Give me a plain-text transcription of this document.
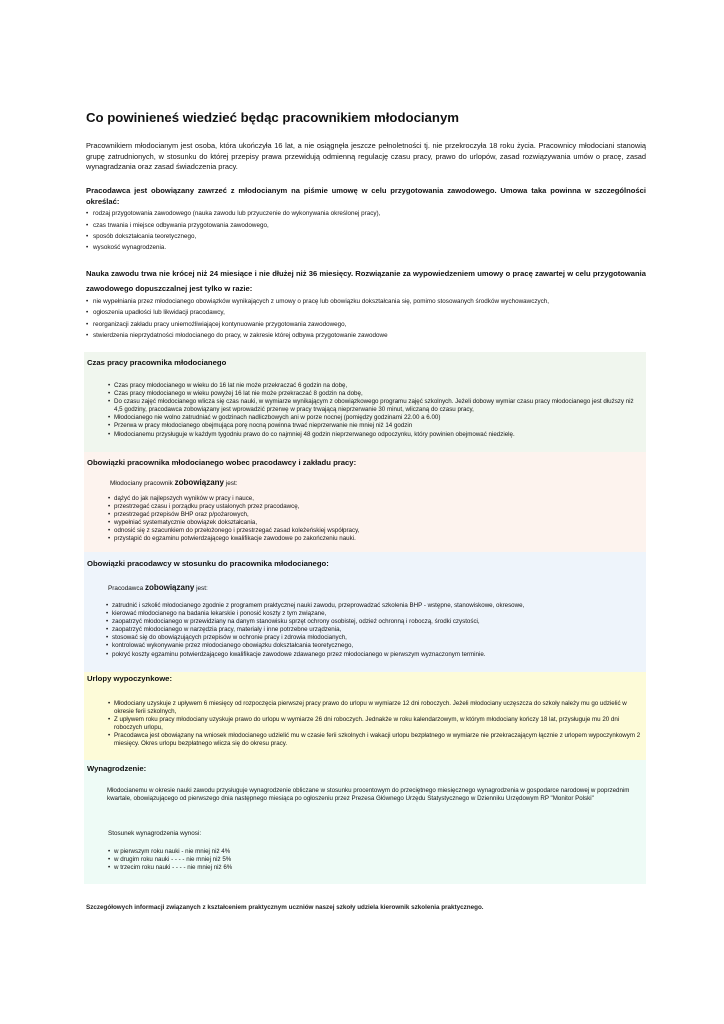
Co powinieneś wiedzieć będąc pracownikiem młodocianym

Pracownikiem młodocianym jest osoba, która ukończyła 16 lat, a nie osiągnęła jeszcze pełnoletności tj. nie przekroczyła 18 roku życia. Pracownicy młodociani stanowią grupę zatrudnionych, w stosunku do której przepisy prawa przewidują odmienną regulację czasu pracy, prawo do urlopów, zasad rozwiązywania umów o pracę, zasad wynagradzania oraz zasad świadczenia pracy.

Pracodawca jest obowiązany zawrzeć z młodocianym na piśmie umowę w celu przygotowania zawodowego. Umowa taka powinna w szczególności określać:

• rodzaj przygotowania zawodowego (nauka zawodu lub przyuczenie do wykonywania określonej pracy),
• czas trwania i miejsce odbywania przygotowania zawodowego,
• sposób dokształcania teoretycznego,
• wysokość wynagrodzenia.

Nauka zawodu trwa nie krócej niż 24 miesiące i nie dłużej niż 36 miesięcy. Rozwiązanie za wypowiedzeniem umowy o pracę zawartej w celu przygotowania zawodowego dopuszczalnej jest tylko w razie:

• nie wypełniania przez młodocianego obowiązków wynikających z umowy o pracę lub obowiązku dokształcania się, pomimo stosowanych środków wychowawczych,
• ogłoszenia upadłości lub likwidacji pracodawcy,
• reorganizacji zakładu pracy uniemożliwiającej kontynuowanie przygotowania zawodowego,
• stwierdzenia nieprzydatności młodocianego do pracy, w zakresie której odbywa przygotowanie zawodowe
Czas pracy pracownika młodocianego
• Czas pracy młodocianego w wieku do 16 lat nie może przekraczać 6 godzin na dobę,
• Czas pracy młodocianego w wieku powyżej 16 lat nie może przekraczać 8 godzin na dobę,
• Do czasu zajęć młodocianego wlicza się czas nauki, w wymiarze wynikającym z obowiązkowego programu zajęć szkolnych. Jeżeli dobowy wymiar czasu pracy młodocianego jest dłuższy niż 4,5 godziny, pracodawca zobowiązany jest wprowadzić przerwę w pracy trwającą nieprzerwanie 30 minut, wliczaną do czasu pracy,
• Młodocianego nie wolno zatrudniać w godzinach nadliczbowych ani w porze nocnej (pomiędzy godzinami 22.00 a 6.00)
• Przerwa w pracy młodocianego obejmująca porę nocną powinna trwać nieprzerwanie nie mniej niż 14 godzin
• Młodocianemu przysługuje w każdym tygodniu prawo do co najmniej 48 godzin nieprzerwanego odpoczynku, który powinien obejmować niedzielę.
Obowiązki pracownika młodocianego wobec pracodawcy i zakładu pracy:
Młodociany pracownik zobowiązany jest:
• dążyć do jak najlepszych wyników w pracy i nauce,
• przestrzegać czasu i porządku pracy ustalonych przez pracodawcę,
• przestrzegać przepisów BHP oraz p/pożarowych,
• wypełniać systematycznie obowiązek dokształcania,
• odnosić się z szacunkiem do przełożonego i przestrzegać zasad koleżeńskiej współpracy,
• przystąpić do egzaminu potwierdzającego kwalifikacje zawodowe po zakończeniu nauki.
Obowiązki pracodawcy w stosunku do pracownika młodocianego:
Pracodawca zobowiązany jest:
• zatrudnić i szkolić młodocianego zgodnie z programem praktycznej nauki zawodu, przeprowadzać szkolenia BHP - wstępne, stanowiskowe, okresowe,
• kierować młodocianego na badania lekarskie i ponosić koszty z tym związane,
• zaopatrzyć młodocianego w przewidziany na danym stanowisku sprzęt ochrony osobistej, odzież ochronną i roboczą, środki czystości,
• zaopatrzyć młodocianego w narzędzia pracy, materiały i inne potrzebne urządzenia,
• stosować się do obowiązujących przepisów w ochronie pracy i zdrowia młodocianych,
• kontrolować wykonywanie przez młodocianego obowiązku dokształcania teoretycznego,
• pokryć koszty egzaminu potwierdzającego kwalifikacje zawodowe zdawanego przez młodocianego w pierwszym wyznaczonym terminie.
Urlopy wypoczynkowe:
• Młodociany uzyskuje z upływem 6 miesięcy od rozpoczęcia pierwszej pracy prawo do urlopu w wymiarze 12 dni roboczych. Jeżeli młodociany uczęszcza do szkoły należy mu go udzielić w okresie ferii szkolnych,
• Z upływem roku pracy młodociany uzyskuje prawo do urlopu w wymiarze 26 dni roboczych. Jednakże w roku kalendarzowym, w którym młodociany kończy 18 lat, przysługuje mu 20 dni roboczych urlopu,
• Pracodawca jest obowiązany na wniosek młodocianego udzielić mu w czasie ferii szkolnych i wakacji urlopu bezpłatnego w wymiarze nie przekraczającym łącznie z urlopem wypoczynkowym 2 miesięcy. Okres urlopu bezpłatnego wlicza się do okresu pracy.
Wynagrodzenie:

Młodocianemu w okresie nauki zawodu przysługuje wynagrodzenie obliczane w stosunku procentowym do przeciętnego miesięcznego wynagrodzenia w gospodarce narodowej w poprzednim kwartale, obowiązującego od pierwszego dnia następnego miesiąca po ogłoszeniu przez Prezesa Głównego Urzędu Statystycznego w Dzienniku Urzędowym RP "Monitor Polski"

Stosunek wynagrodzenia wynosi:

• w pierwszym roku nauki - nie mniej niż 4%
• w drugim roku nauki - - - - nie mniej niż 5%
• w trzecim roku nauki - - - - nie mniej niż 6%
Szczegółowych informacji związanych z kształceniem praktycznym uczniów naszej szkoły udziela kierownik szkolenia praktycznego.
